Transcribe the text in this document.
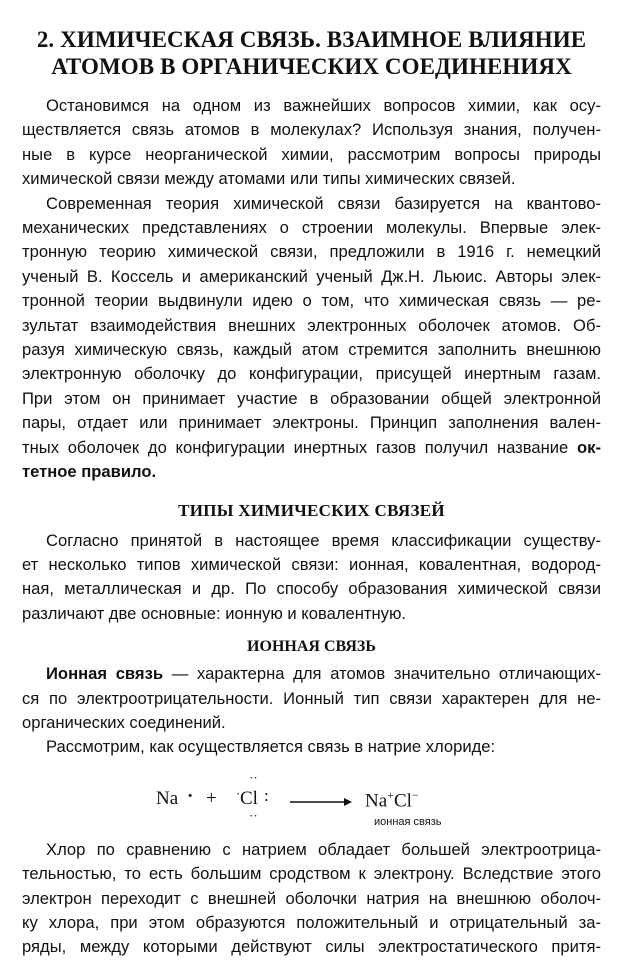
2. ХИМИЧЕСКАЯ СВЯЗЬ. ВЗАИМНОЕ ВЛИЯНИЕ
АТОМОВ В ОРГАНИЧЕСКИХ СОЕДИНЕНИЯХ

Остановимся на одном из важнейших вопросов химии, как осу-
ществляется связь атомов в молекулах? Используя знания, получен-
ные в курсе неорганической химии, рассмотрим вопросы природы
химической связи между атомами или типы химических связей.

Современная теория химической связи базируется на квантово-
механических представлениях о строении молекулы. Впервые элек-
тронную теорию химической связи, предложили в 1916 г. немецкий
ученый В. Коссель и американский ученый Дж.Н. Льюис. Авторы элек-
тронной теории выдвинули идею о том, что химическая связь — ре-
зультат взаимодействия внешних электронных оболочек атомов. Об-
разуя химическую связь, каждый атом стремится заполнить внешнюю
электронную оболочку до конфигурации, присущей инертным газам.
При этом он принимает участие в образовании общей электронной
пары, отдает или принимает электроны. Принцип заполнения вален-
тных оболочек до конфигурации инертных газов получил название ок-
тетное правило.

ТИПЫ ХИМИЧЕСКИХ СВЯЗЕЙ

Согласно принятой в настоящее время классификации существу-
ет несколько типов химической связи: ионная, ковалентная, водород-
ная, металлическая и др. По способу образования химической связи
различают две основные: ионную и ковалентную.

ИОННАЯ СВЯЗЬ

Ионная связь — характерна для атомов значительно отличающих-
ся по электроотрицательности. Ионный тип связи характерен для не-
органических соединений.

Рассмотрим, как осуществляется связь в натрие хлориде:

Na · +
··
· Cl :
··
→ Na+Cl−
ионная связь

Хлор по сравнению с натрием обладает большей электроотрица-
тельностью, то есть большим сродством к электрону. Вследствие этого
электрон переходит с внешней оболочки натрия на внешнюю оболоч-
ку хлора, при этом образуются положительный и отрицательный за-
ряды, между которыми действуют силы электростатического притя-
